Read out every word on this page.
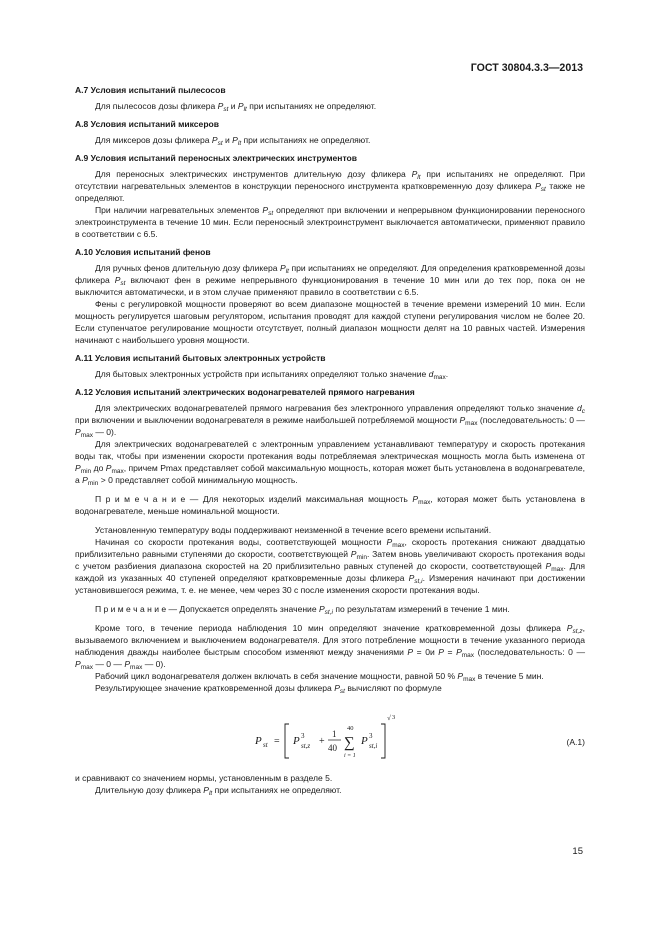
ГОСТ 30804.3.3—2013

А.7 Условия испытаний пылесосов

Для пылесосов дозы фликера $P_{st}$ и $P_{lt}$ при испытаниях не определяют.

А.8 Условия испытаний миксеров

Для миксеров дозы фликера $P_{st}$ и $P_{lt}$ при испытаниях не определяют.

А.9 Условия испытаний переносных электрических инструментов

Для переносных электрических инструментов длительную дозу фликера $P_{lt}$ при испытаниях не определяют. При отсутствии нагревательных элементов в конструкции переносного инструмента кратковременную дозу фликера $P_{st}$ также не определяют.

При наличии нагревательных элементов $P_{st}$ определяют при включении и непрерывном функционировании переносного электроинструмента в течение 10 мин. Если переносный электроинструмент выключается автоматически, применяют правило в соответствии с 6.5.

А.10 Условия испытаний фенов

Для ручных фенов длительную дозу фликера $P_{lt}$ при испытаниях не определяют. Для определения кратковременной дозы фликера $P_{st}$ включают фен в режиме непрерывного функционирования в течение 10 мин или до тех пор, пока он не выключится автоматически, и в этом случае применяют правило в соответствии с 6.5.

Фены с регулировкой мощности проверяют во всем диапазоне мощностей в течение времени измерений 10 мин. Если мощность регулируется шаговым регулятором, испытания проводят для каждой ступени регулирования числом не более 20. Если ступенчатое регулирование мощности отсутствует, полный диапазон мощности делят на 10 равных частей. Измерения начинают с наибольшего уровня мощности.

А.11 Условия испытаний бытовых электронных устройств

Для бытовых электронных устройств при испытаниях определяют только значение $d_{max}$.

А.12 Условия испытаний электрических водонагревателей прямого нагревания

Для электрических водонагревателей прямого нагревания без электронного управления определяют только значение $d_c$ при включении и выключении водонагревателя в режиме наибольшей потребляемой мощности $P_{max}$ (последовательность: 0 — $P_{max}$ — 0).

Для электрических водонагревателей с электронным управлением устанавливают температуру и скорость протекания воды так, чтобы при изменении скорости протекания воды потребляемая электрическая мощность могла быть изменена от $P_{min}$ до $P_{max}$, причем Pmax представляет собой максимальную мощность, которая может быть установлена в водонагревателе, а $P_{min} > 0$ представляет собой минимальную мощность.

П р и м е ч а н и е — Для некоторых изделий максимальная мощность $P_{max}$, которая может быть установлена в водонагревателе, меньше номинальной мощности.

Установленную температуру воды поддерживают неизменной в течение всего времени испытаний.

Начиная со скорости протекания воды, соответствующей мощности $P_{max}$, скорость протекания снижают двадцатью приблизительно равными ступенями до скорости, соответствующей $P_{min}$. Затем вновь увеличивают скорость протекания воды с учетом разбиения диапазона скоростей на 20 приблизительно равных ступеней до скорости, соответствующей $P_{max}$. Для каждой из указанных 40 ступеней определяют кратковременные дозы фликера $P_{st,i}$. Измерения начинают при достижении установившегося режима, т. е. не менее, чем через 30 с после изменения скорости протекания воды.

П р и м е ч а н и е — Допускается определять значение $P_{st,i}$ по результатам измерений в течение 1 мин.

Кроме того, в течение периода наблюдения 10 мин определяют значение кратковременной дозы фликера $P_{st,z}$, вызываемого включением и выключением водонагревателя. Для этого потребление мощности в течение указанного периода наблюдения дважды наиболее быстрым способом изменяют между значениями P = 0и $P = P_{max}$ (последовательность: 0 — $P_{max}$ — 0 — $P_{max}$ — 0).

Рабочий цикл водонагревателя должен включать в себя значение мощности, равной 50 % $P_{max}$ в течение 5 мин.

Результирующее значение кратковременной дозы фликера $P_{st}$ вычисляют по формуле

P st = P 3
st,z +
1
40
40
∑
i = 1
P 3
st,i
√ 3
(А.1)

и сравнивают со значением нормы, установленным в разделе 5.

Длительную дозу фликера $P_{lt}$ при испытаниях не определяют.

15
